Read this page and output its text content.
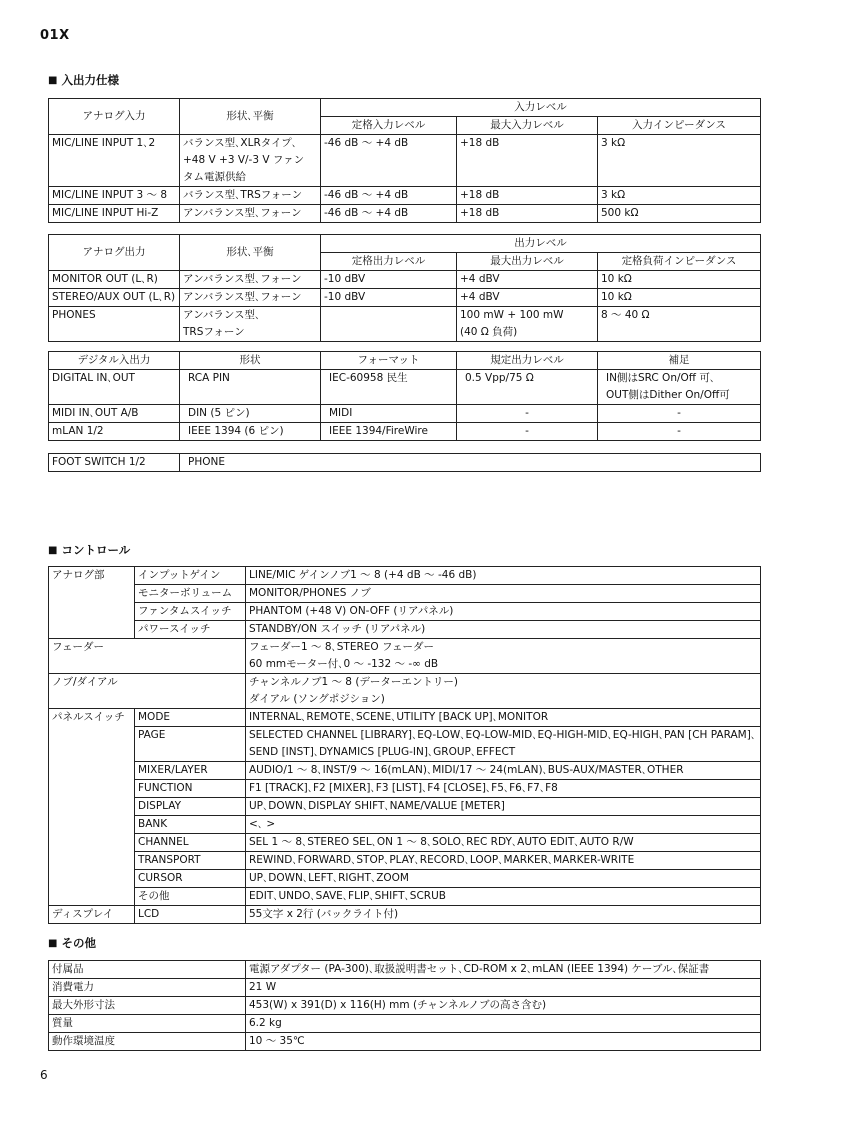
01X
■ 入出力仕様
アナログ入力	形状､平衡	入力レベル		
		定格入力レベル	最大入力レベル	入力インピーダンス
MIC/LINE INPUT 1､2	バランス型､XLRタイプ､
+48 V +3 V/-3 V ファン
タム電源供給	-46 dB ～ +4 dB	+18 dB	3 kΩ
MIC/LINE INPUT 3 ～ 8	バランス型､TRSフォーン	-46 dB ～ +4 dB	+18 dB	3 kΩ
MIC/LINE INPUT Hi-Z	アンバランス型､フォーン	-46 dB ～ +4 dB	+18 dB	500 kΩ
アナログ出力	形状､平衡	出力レベル		
		定格出力レベル	最大出力レベル	定格負荷インピーダンス
MONITOR OUT (L､R)	アンバランス型､フォーン	-10 dBV	+4 dBV	10 kΩ
STEREO/AUX OUT (L､R)	アンバランス型､フォーン	-10 dBV	+4 dBV	10 kΩ
PHONES	アンバランス型､
TRSフォーン		100 mW + 100 mW
(40 Ω 負荷)	8 ～ 40 Ω
デジタル入出力	形状	フォーマット	規定出力レベル	補足
DIGITAL IN､OUT	RCA PIN	IEC-60958 民生	0.5 Vpp/75 Ω	IN側はSRC On/Off 可､
OUT側はDither On/Off可

MIDI IN､OUT A/B	DIN (5 ピン)	MIDI	-	-
mLAN 1/2	IEEE 1394 (6 ピン)	IEEE 1394/FireWire	-	-
FOOT SWITCH 1/2	PHONE
■ コントロール
アナログ部	インプットゲイン	LINE/MIC ゲインノブ1 ～ 8 (+4 dB ～ -46 dB)
	モニターボリューム	MONITOR/PHONES ノブ
	ファンタムスイッチ	PHANTOM (+48 V) ON-OFF (リアパネル)
	パワースイッチ	STANDBY/ON スイッチ (リアパネル)
フェーダー		フェーダー1 ～ 8､STEREO フェーダー
60 mmモーター付､0 ～ -132 ～ -∞ dB

ノブ/ダイアル		チャンネルノブ1 ～ 8 (データーエントリー)
ダイアル (ソングポジション)

パネルスイッチ	MODE	INTERNAL､REMOTE､SCENE､UTILITY [BACK UP]､MONITOR
	PAGE	SELECTED CHANNEL [LIBRARY]､EQ-LOW､EQ-LOW-MID､EQ-HIGH-MID､EQ-HIGH､PAN [CH PARAM]､
SEND [INST]､DYNAMICS [PLUG-IN]､GROUP､EFFECT

	MIXER/LAYER	AUDIO/1 ～ 8､INST/9 ～ 16(mLAN)､MIDI/17 ～ 24(mLAN)､BUS-AUX/MASTER､OTHER
	FUNCTION	F1 [TRACK]､F2 [MIXER]､F3 [LIST]､F4 [CLOSE]､F5､F6､F7､F8
	DISPLAY	UP､DOWN､DISPLAY SHIFT､NAME/VALUE [METER]
	BANK	<､ >
	CHANNEL	SEL 1 ～ 8､STEREO SEL､ON 1 ～ 8､SOLO､REC RDY､AUTO EDIT､AUTO R/W
	TRANSPORT	REWIND､FORWARD､STOP､PLAY､RECORD､LOOP､MARKER､MARKER-WRITE
	CURSOR	UP､DOWN､LEFT､RIGHT､ZOOM
	その他	EDIT､UNDO､SAVE､FLIP､SHIFT､SCRUB
ディスプレイ	LCD	55文字 x 2行 (バックライト付)
■ その他
付属品	電源アダプター (PA-300)､取扱説明書セット､CD-ROM x 2､mLAN (IEEE 1394) ケーブル､保証書
消費電力	21 W
最大外形寸法	453(W) x 391(D) x 116(H) mm (チャンネルノブの高さ含む)
質量	6.2 kg
動作環境温度	10 ～ 35℃
6
